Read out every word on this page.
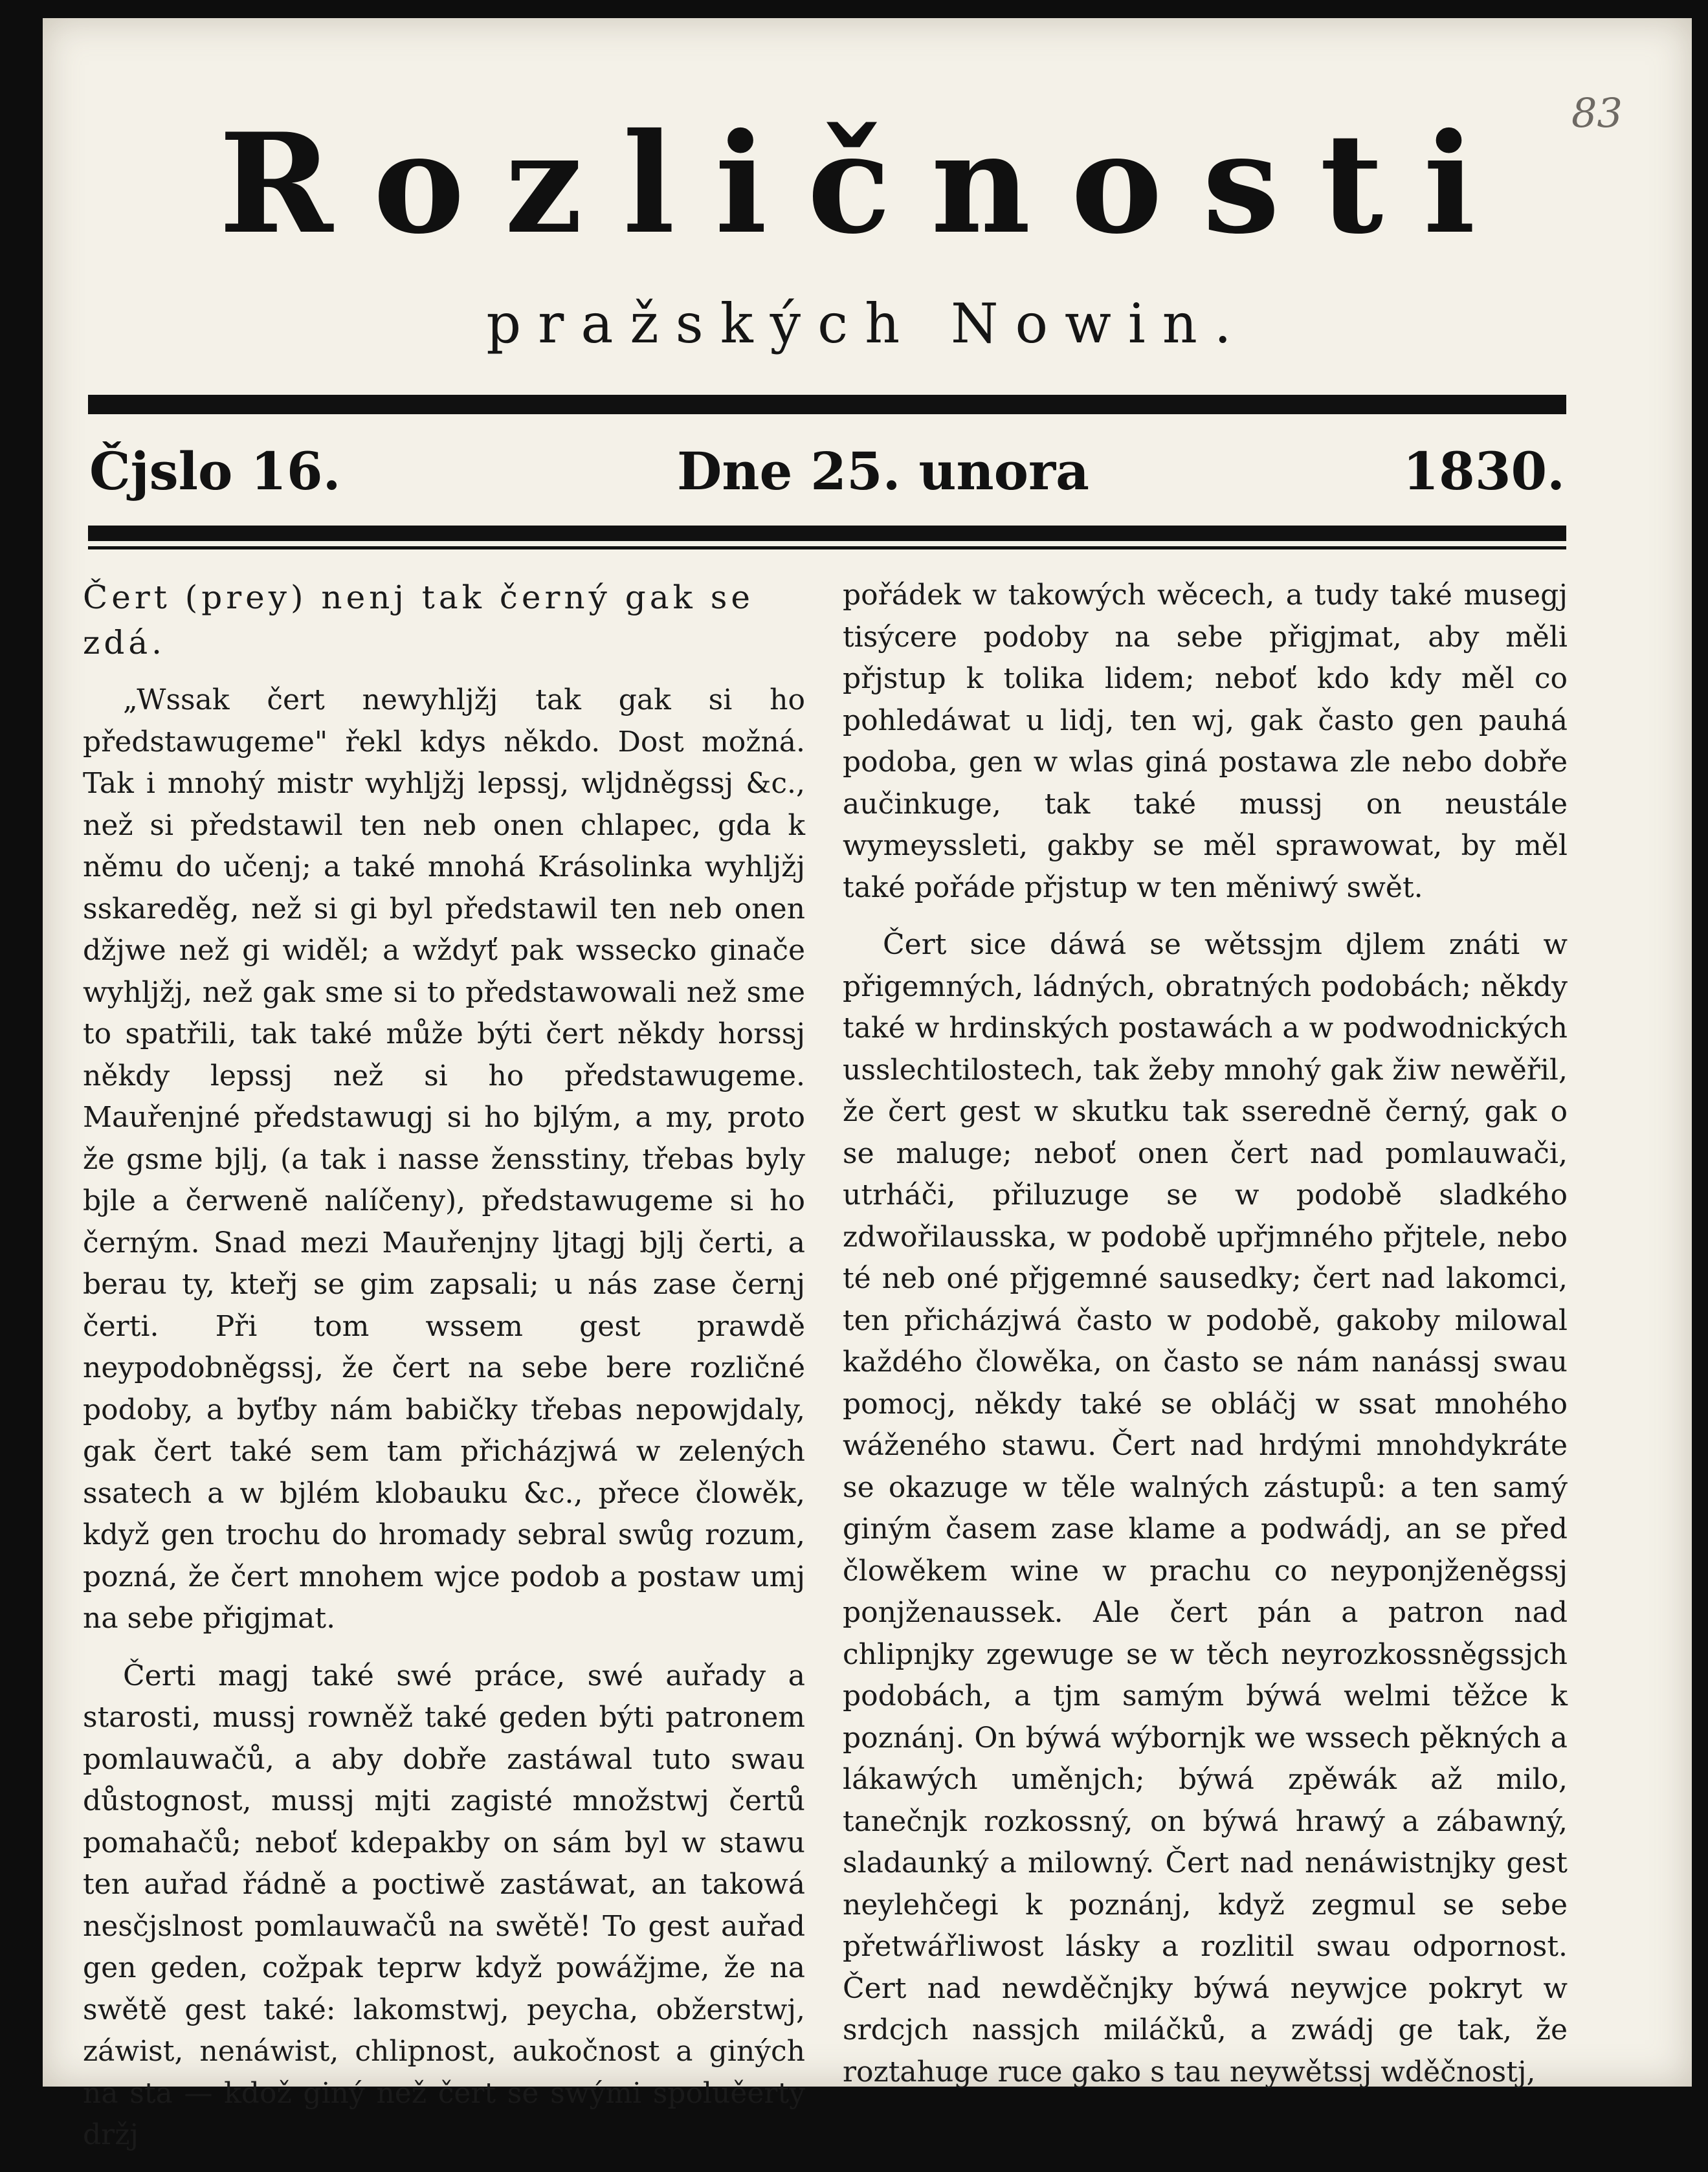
83
Rozličnosti
pražských Nowin.
Čjslo 16.	Dne 25. unora	1830.
Čert (prey) nenj tak černý gak se zdá.

„Wssak čert newyhljžj tak gak si ho předstawugeme" řekl kdys někdo. Dost možná. Tak i mnohý mistr wyhljžj lepssj, wljdněgssj &c., než si předstawil ten neb onen chlapec, gda k němu do učenj; a také mnohá Krásolinka wyhljžj sskareděg, než si gi byl předstawil ten neb onen džjwe než gi widěl; a wždyť pak wssecko ginače wyhljžj, než gak sme si to předstawowali než sme to spatřili, tak také může býti čert někdy horssj někdy lepssj než si ho předstawugeme. Mauřenjné předstawugj si ho bjlým, a my, proto že gsme bjlj, (a tak i nasse žensstiny, třebas byly bjle a čerwenĕ nalíčeny), předstawugeme si ho černým. Snad mezi Mauřenjny ljtagj bjlj čerti, a berau ty, kteřj se gim zapsali; u nás zase černj čerti. Při tom wssem gest prawdě neypodobněgssj, že čert na sebe bere rozličné podoby, a byťby nám babičky třebas nepowjdaly, gak čert také sem tam přicházjwá w zelených ssatech a w bjlém klobauku &c., přece člowěk, když gen trochu do hromady sebral swůg rozum, pozná, že čert mnohem wjce podob a postaw umj na sebe přigjmat.

Čerti magj také swé práce, swé auřady a starosti, mussj rowněž také geden býti patronem pomlauwačů, a aby dobře zastáwal tuto swau důstognost, mussj mjti zagisté množstwj čertů pomahačů; neboť kdepakby on sám byl w stawu ten auřad řádně a poctiwě zastáwat, an takowá nesčjslnost pomlauwačů na swětě! To gest auřad gen geden, cožpak teprw když powážjme, že na swětě gest také: lakomstwj, peycha, obžerstwj, záwist, nenáwist, chlipnost, aukočnost a giných na sta — kdož giný než čert se swými spoluěerty držj

pořádek w takowých wěcech, a tudy také musegj tisýcere podoby na sebe přigjmat, aby měli přjstup k tolika lidem; neboť kdo kdy měl co pohledáwat u lidj, ten wj, gak často gen pauhá podoba, gen w wlas giná postawa zle nebo dobře aučinkuge, tak také mussj on neustále wymeyssleti, gakby se měl sprawowat, by měl také pořáde přjstup w ten měniwý swět.

Čert sice dáwá se wětssjm djlem znáti w přigemných, ládných, obratných podobách; někdy také w hrdinských postawách a w podwodnických usslechtilostech, tak žeby mnohý gak žiw newěřil, že čert gest w skutku tak sserednĕ černý, gak o se maluge; neboť onen čert nad pomlauwači, utrháči, přiluzuge se w podobě sladkého zdwořilausska, w podobě upřjmného přjtele, nebo té neb oné přjgemné sausedky; čert nad lakomci, ten přicházjwá často w podobě, gakoby milowal každého člowěka, on často se nám nanássj swau pomocj, někdy také se obláčj w ssat mnohého wáženého stawu. Čert nad hrdými mnohdykráte se okazuge w těle walných zástupů: a ten samý giným časem zase klame a podwádj, an se před člowěkem wine w prachu co neyponjženěgssj ponjženaussek. Ale čert pán a patron nad chlipnjky zgewuge se w těch neyrozkossněgssjch podobách, a tjm samým býwá welmi těžce k poznánj. On býwá wýbornjk we wssech pěkných a lákawých uměnjch; býwá zpěwák až milo, tanečnjk rozkossný, on býwá hrawý a zábawný, sladaunký a milowný. Čert nad nenáwistnjky gest neylehčegi k poznánj, když zegmul se sebe přetwářliwost lásky a rozlitil swau odpornost. Čert nad newděčnjky býwá neywjce pokryt w srdcjch nassjch miláčků, a zwádj ge tak, že roztahuge ruce gako s tau neywětssj wděčnostj,
